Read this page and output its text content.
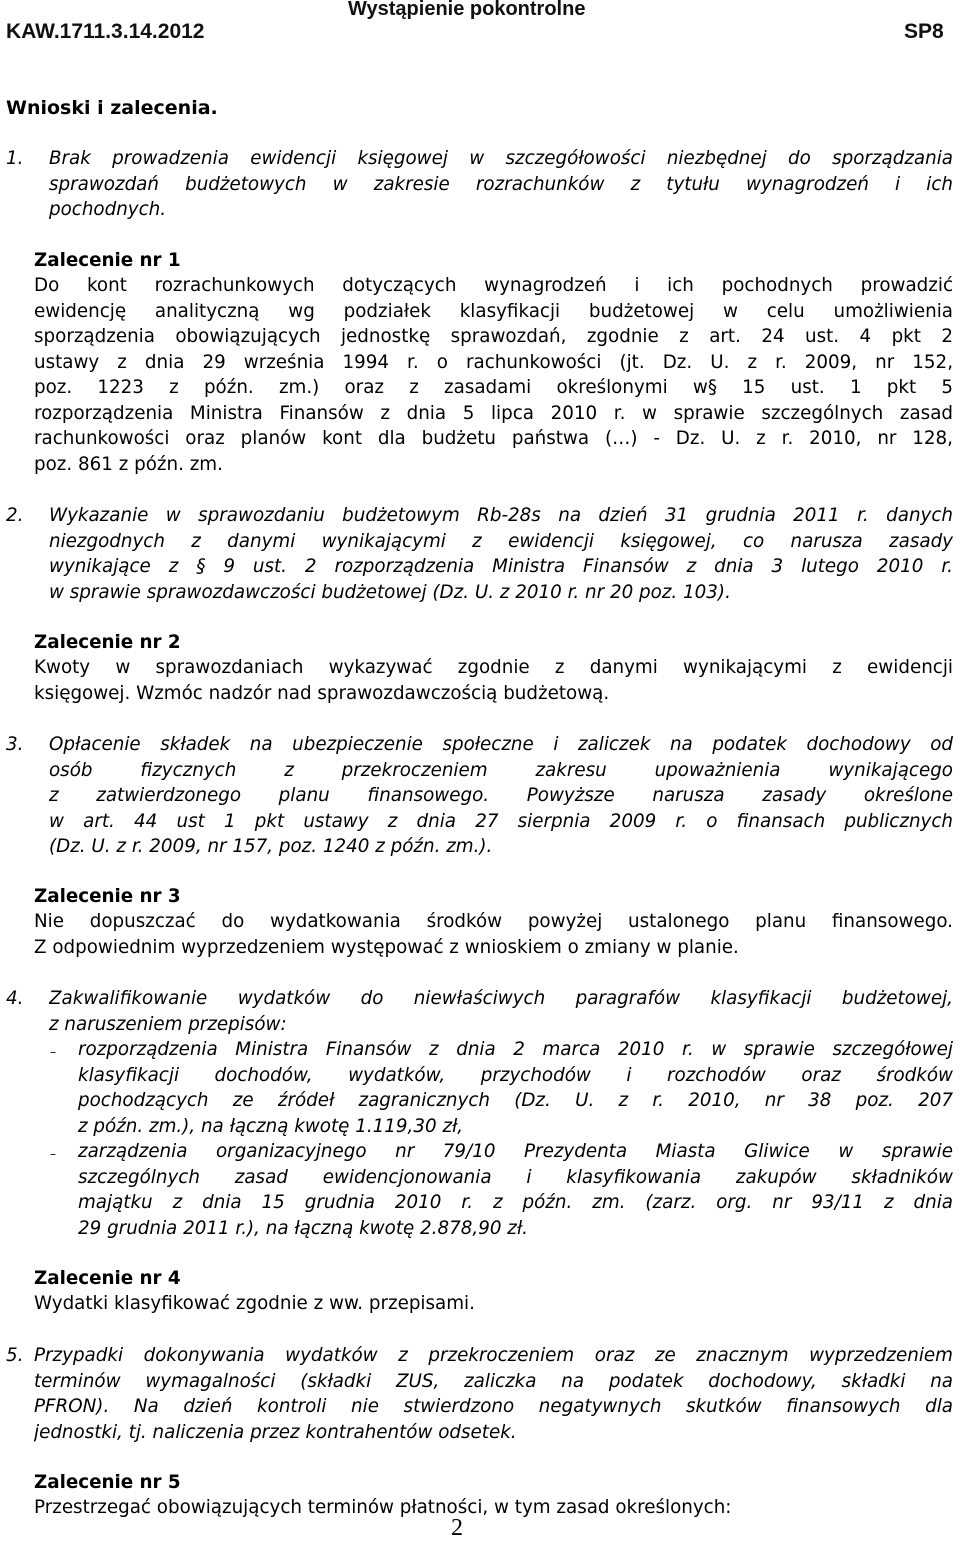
KAW.1711.3.14.2012
Wystąpienie pokontrolne
SP8
Wnioski i zalecenia.
1. Brak prowadzenia ewidencji księgowej w szczegółowości niezbędnej do sporządzania
sprawozdań budżetowych w zakresie rozrachunków z tytułu wynagrodzeń i ich
pochodnych.
Zalecenie nr 1
Do kont rozrachunkowych dotyczących wynagrodzeń i ich pochodnych prowadzić
ewidencję analityczną wg podziałek klasyfikacji budżetowej w celu umożliwienia
sporządzenia obowiązujących jednostkę sprawozdań, zgodnie z art. 24 ust. 4 pkt 2
ustawy z dnia 29 września 1994 r. o rachunkowości (jt. Dz. U. z r. 2009, nr 152,
poz. 1223 z późn. zm.) oraz z zasadami określonymi w§ 15 ust. 1 pkt 5
rozporządzenia Ministra Finansów z dnia 5 lipca 2010 r. w sprawie szczególnych zasad
rachunkowości oraz planów kont dla budżetu państwa (…) - Dz. U. z r. 2010, nr 128,
poz. 861 z późn. zm.
2. Wykazanie w sprawozdaniu budżetowym Rb-28s na dzień 31 grudnia 2011 r. danych
niezgodnych z danymi wynikającymi z ewidencji księgowej, co narusza zasady
wynikające z § 9 ust. 2 rozporządzenia Ministra Finansów z dnia 3 lutego 2010 r.
w sprawie sprawozdawczości budżetowej (Dz. U. z 2010 r. nr 20 poz. 103).
Zalecenie nr 2
Kwoty w sprawozdaniach wykazywać zgodnie z danymi wynikającymi z ewidencji
księgowej. Wzmóc nadzór nad sprawozdawczością budżetową.
3. Opłacenie składek na ubezpieczenie społeczne i zaliczek na podatek dochodowy od
osób fizycznych z przekroczeniem zakresu upoważnienia wynikającego
z zatwierdzonego planu finansowego. Powyższe narusza zasady określone
w art. 44 ust 1 pkt ustawy z dnia 27 sierpnia 2009 r. o finansach publicznych
(Dz. U. z r. 2009, nr 157, poz. 1240 z późn. zm.).
Zalecenie nr 3
Nie dopuszczać do wydatkowania środków powyżej ustalonego planu finansowego.
Z odpowiednim wyprzedzeniem występować z wnioskiem o zmiany w planie.
4. Zakwalifikowanie wydatków do niewłaściwych paragrafów klasyfikacji budżetowej,
z naruszeniem przepisów:
– rozporządzenia Ministra Finansów z dnia 2 marca 2010 r. w sprawie szczegółowej
klasyfikacji dochodów, wydatków, przychodów i rozchodów oraz środków
pochodzących ze źródeł zagranicznych (Dz. U. z r. 2010, nr 38 poz. 207
z późn. zm.), na łączną kwotę 1.119,30 zł,
– zarządzenia organizacyjnego nr 79/10 Prezydenta Miasta Gliwice w sprawie
szczególnych zasad ewidencjonowania i klasyfikowania zakupów składników
majątku z dnia 15 grudnia 2010 r. z późn. zm. (zarz. org. nr 93/11 z dnia
29 grudnia 2011 r.), na łączną kwotę 2.878,90 zł.
Zalecenie nr 4
Wydatki klasyfikować zgodnie z ww. przepisami.
5. Przypadki dokonywania wydatków z przekroczeniem oraz ze znacznym wyprzedzeniem
terminów wymagalności (składki ZUS, zaliczka na podatek dochodowy, składki na
PFRON). Na dzień kontroli nie stwierdzono negatywnych skutków finansowych dla
jednostki, tj. naliczenia przez kontrahentów odsetek.
Zalecenie nr 5
Przestrzegać obowiązujących terminów płatności, w tym zasad określonych:
2
